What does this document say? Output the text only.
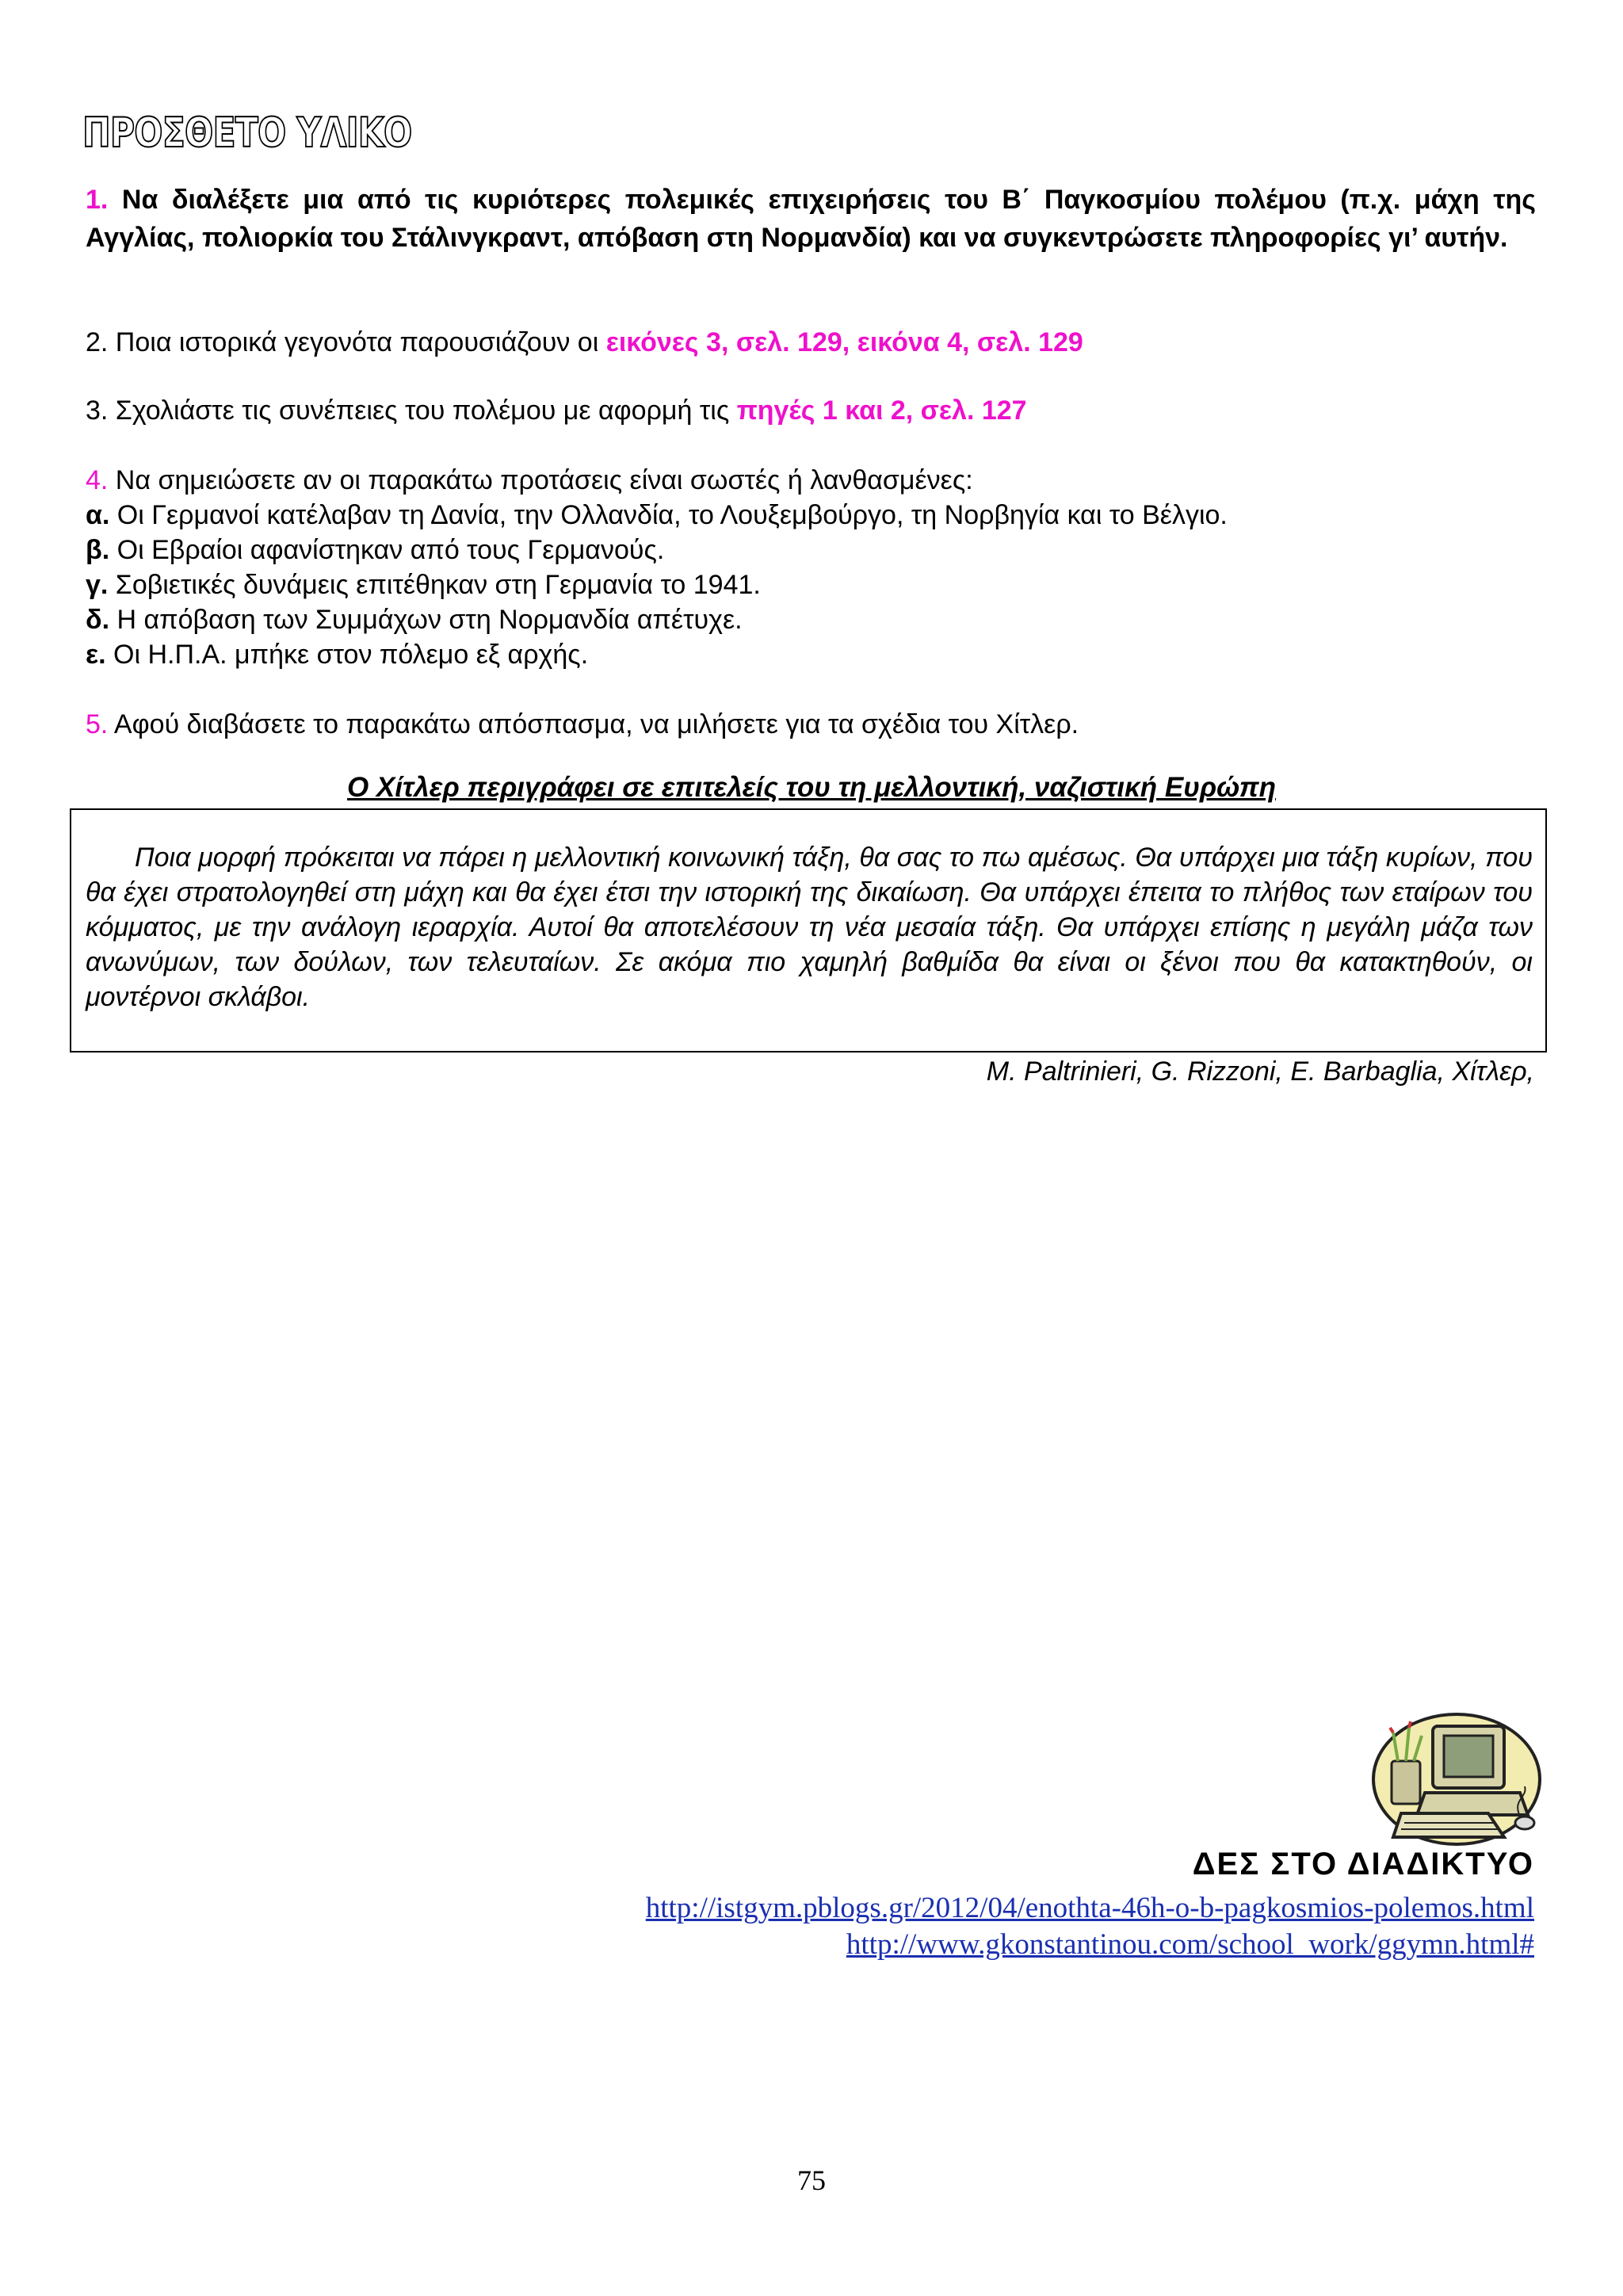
ΠΡΟΣΘΕΤΟ ΥΛΙΚΟ
1. Να διαλέξετε μια από τις κυριότερες πολεμικές επιχειρήσεις του Β΄ Παγκοσμίου πολέμου (π.χ. μάχη της Αγγλίας, πολιορκία του Στάλινγκραντ, απόβαση στη Νορμανδία) και να συγκεντρώσετε πληροφορίες γι’ αυτήν.
2. Ποια ιστορικά γεγονότα παρουσιάζουν οι εικόνες 3, σελ. 129, εικόνα 4, σελ. 129
3. Σχολιάστε τις συνέπειες του πολέμου με αφορμή τις πηγές 1 και 2, σελ. 127
4. Να σημειώσετε αν οι παρακάτω προτάσεις είναι σωστές ή λανθασμένες:
α. Οι Γερμανοί κατέλαβαν τη Δανία, την Ολλανδία, το Λουξεμβούργο, τη Νορβηγία και το Βέλγιο.
β. Οι Εβραίοι αφανίστηκαν από τους Γερμανούς.
γ. Σοβιετικές δυνάμεις επιτέθηκαν στη Γερμανία το 1941.
δ. Η απόβαση των Συμμάχων στη Νορμανδία απέτυχε.
ε. Οι Η.Π.Α. μπήκε στον πόλεμο εξ αρχής.
5. Αφού διαβάσετε το παρακάτω απόσπασμα, να μιλήσετε για τα σχέδια του Χίτλερ.
Ο Χίτλερ περιγράφει σε επιτελείς του τη μελλοντική, ναζιστική Ευρώπη
Ποια μορφή πρόκειται να πάρει η μελλοντική κοινωνική τάξη, θα σας το πω αμέσως. Θα υπάρχει μια τάξη κυρίων, που θα έχει στρατολογηθεί στη μάχη και θα έχει έτσι την ιστορική της δικαίωση. Θα υπάρχει έπειτα το πλήθος των εταίρων του κόμματος, με την ανάλογη ιεραρχία. Αυτοί θα αποτελέσουν τη νέα μεσαία τάξη. Θα υπάρχει επίσης η μεγάλη μάζα των ανωνύμων, των δούλων, των τελευταίων. Σε ακόμα πιο χαμηλή βαθμίδα θα είναι οι ξένοι που θα κατακτηθούν, οι μοντέρνοι σκλάβοι.
M. Paltrinieri, G. Rizzoni, E. Barbaglia, Χίτλερ,
ΔΕΣ ΣΤΟ ΔΙΑΔΙΚΤΥΟ
http://istgym.pblogs.gr/2012/04/enothta-46h-o-b-pagkosmios-polemos.html
http://www.gkonstantinou.com/school_work/ggymn.html#
75
